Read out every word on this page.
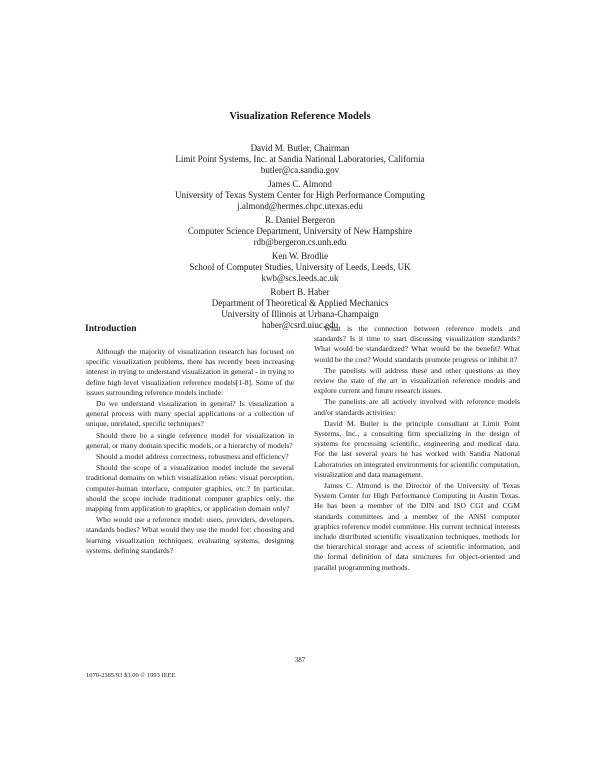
Visualization Reference Models
David M. Butler, Chairman
Limit Point Systems, Inc. at Sandia National Laboratories, California
butler@ca.sandia.gov
James C. Almond
University of Texas System Center for High Performance Computing
j.almond@hermes.chpc.utexas.edu
R. Daniel Bergeron
Computer Science Department, University of New Hampshire
rdb@bergeron.cs.unh.edu
Ken W. Brodlie
School of Computer Studies, University of Leeds, Leeds, UK
kwb@scs.leeds.ac.uk
Robert B. Haber
Department of Theoretical & Applied Mechanics
University of Illinois at Urbana-Champaign
haber@csrd.uiuc.edu
Introduction

Although the majority of visualization research has focused on specific visualization problems, there has recently been increasing interest in trying to understand visualization in general - in trying to define high level visualization reference models[1-8]. Some of the issues surrounding reference models include:

Do we understand visualization in general? Is visualization a general process with many special applications or a collection of unique, unrelated, specific techniques?

Should there be a single reference model for visualization in general, or many domain specific models, or a hierarchy of models?

Should a model address correctness, robustness and efficiency?

Should the scope of a visualization model include the several traditional domains on which visualization relies: visual perception, computer-human interface, computer graphics, etc.? In particular, should the scope include traditional computer graphics only, the mapping from application to graphics, or application domain only?

Who would use a reference model: users, providers, developers, standards bodies? What would they use the model for: choosing and learning visualization techniques, evaluating systems, designing systems, defining standards?

What is the connection between reference models and standards? Is it time to start discussing visualization standards? What would be standardized? What would be the benefit? What would be the cost? Would standards promote progress or inhibit it?

The panelists will address these and other questions as they review the state of the art in visualization reference models and explore current and future research issues.

The panelists are all actively involved with reference models and/or standards activities:

David M. Butler is the principle consultant at Limit Point Systems, Inc., a consulting firm specializing in the design of systems for processing scientific, engineering and medical data. For the last several years he has worked with Sandia National Laboratories on integrated environments for scientific computation, visualization and data management.

James C. Almond is the Director of the University of Texas System Center for High Performance Computing in Austin Texas. He has been a member of the DIN and ISO CGI and CGM standards committees and a member of the ANSI computer graphics reference model committee. His current technical interests include distributed scientific visualization techniques, methods for the hierarchical storage and access of scientific information, and the formal definition of data structures for object-oriented and parallel programming methods.

387
1070-2385/93 $3.00 © 1993 IEEE
